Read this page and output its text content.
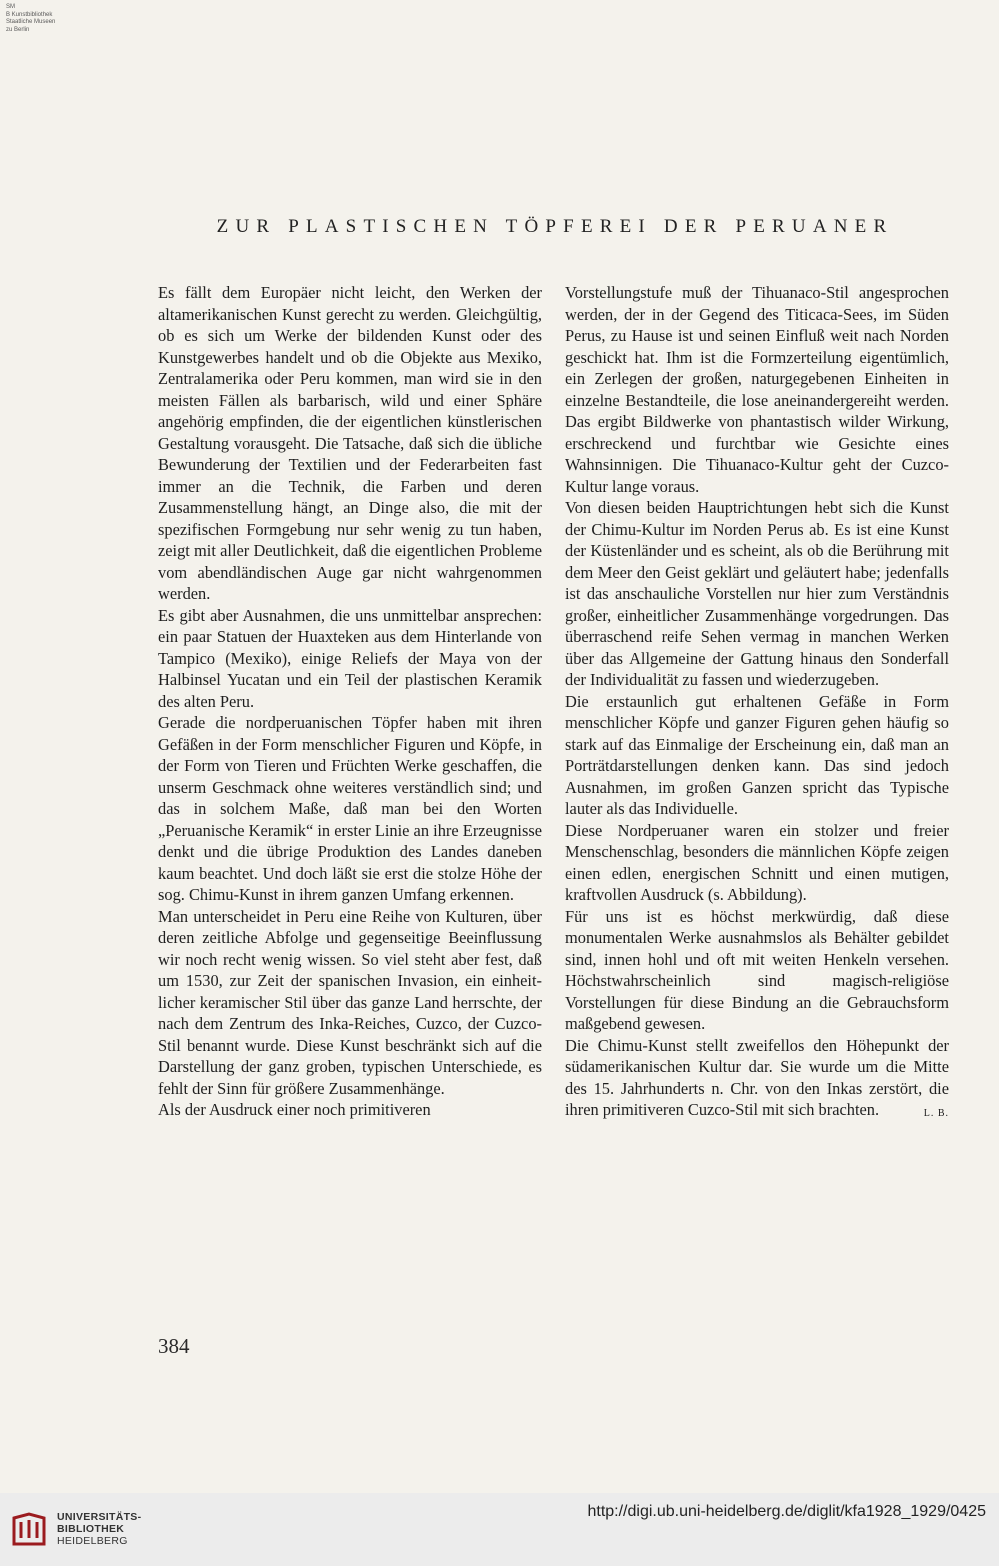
SM
B Kunstbibliothek
Staatliche Museen
zu Berlin
ZUR PLASTISCHEN TÖPFEREI DER PERUANER

Es fällt dem Europäer nicht leicht, den Werken der altamerikanischen Kunst gerecht zu werden. Gleichgültig, ob es sich um Werke der bildenden Kunst oder des Kunstgewerbes handelt und ob die Objekte aus Mexiko, Zentralamerika oder Peru kommen, man wird sie in den meisten Fällen als barbarisch, wild und einer Sphäre angehörig empfinden, die der eigentlichen künstlerischen Gestaltung vorausgeht. Die Tatsache, daß sich die übliche Bewunderung der Textilien und der Federarbeiten fast immer an die Technik, die Farben und deren Zusammenstellung hängt, an Dinge also, die mit der spezifischen Formgebung nur sehr wenig zu tun haben, zeigt mit aller Deutlichkeit, daß die eigentlichen Probleme vom abendländischen Auge gar nicht wahrgenommen werden.

Es gibt aber Ausnahmen, die uns unmittelbar ansprechen: ein paar Statuen der Huaxteken aus dem Hinterlande von Tampico (Mexiko), einige Reliefs der Maya von der Halbinsel Yucatan und ein Teil der plastischen Keramik des alten Peru.

Gerade die nordperuanischen Töpfer haben mit ihren Gefäßen in der Form menschlicher Figuren und Köpfe, in der Form von Tieren und Früchten Werke geschaffen, die unserm Geschmack ohne weiteres verständlich sind; und das in solchem Maße, daß man bei den Worten „Peruanische Keramik“ in erster Linie an ihre Erzeugnisse denkt und die übrige Produktion des Landes daneben kaum beachtet. Und doch läßt sie erst die stolze Höhe der sog. Chimu-Kunst in ihrem ganzen Umfang erkennen.

Man unterscheidet in Peru eine Reihe von Kulturen, über deren zeitliche Abfolge und gegenseitige Beeinflussung wir noch recht wenig wissen. So viel steht aber fest, daß um 1530, zur Zeit der spanischen Invasion, ein einheitlicher keramischer Stil über das ganze Land herrschte, der nach dem Zentrum des Inka-Reiches, Cuzco, der Cuzco-Stil benannt wurde. Diese Kunst beschränkt sich auf die Darstellung der ganz groben, typischen Unterschiede, es fehlt der Sinn für größere Zusammenhänge.

Als der Ausdruck einer noch primitiveren

Vorstellungstufe muß der Tihuanaco-Stil angesprochen werden, der in der Gegend des Titicaca-Sees, im Süden Perus, zu Hause ist und seinen Einfluß weit nach Norden geschickt hat. Ihm ist die Formzerteilung eigentümlich, ein Zerlegen der großen, naturgegebenen Einheiten in einzelne Bestandteile, die lose aneinandergereiht werden. Das ergibt Bildwerke von phantastisch wilder Wirkung, erschreckend und furchtbar wie Gesichte eines Wahnsinnigen. Die Tihuanaco-Kultur geht der Cuzco-Kultur lange voraus.

Von diesen beiden Hauptrichtungen hebt sich die Kunst der Chimu-Kultur im Norden Perus ab. Es ist eine Kunst der Küstenländer und es scheint, als ob die Berührung mit dem Meer den Geist geklärt und geläutert habe; jedenfalls ist das anschauliche Vorstellen nur hier zum Verständnis großer, einheitlicher Zusammenhänge vorgedrungen. Das überraschend reife Sehen vermag in manchen Werken über das Allgemeine der Gattung hinaus den Sonderfall der Individualität zu fassen und wiederzugeben.

Die erstaunlich gut erhaltenen Gefäße in Form menschlicher Köpfe und ganzer Figuren gehen häufig so stark auf das Einmalige der Erscheinung ein, daß man an Porträtdarstellungen denken kann. Das sind jedoch Ausnahmen, im großen Ganzen spricht das Typische lauter als das Individuelle.

Diese Nordperuaner waren ein stolzer und freier Menschenschlag, besonders die männlichen Köpfe zeigen einen edlen, energischen Schnitt und einen mutigen, kraftvollen Ausdruck (s. Abbildung).

Für uns ist es höchst merkwürdig, daß diese monumentalen Werke ausnahmslos als Behälter gebildet sind, innen hohl und oft mit weiten Henkeln versehen. Höchstwahrscheinlich sind magisch-religiöse Vorstellungen für diese Bindung an die Gebrauchsform maßgebend gewesen.

Die Chimu-Kunst stellt zweifellos den Höhepunkt der südamerikanischen Kultur dar. Sie wurde um die Mitte des 15. Jahrhunderts n. Chr. von den Inkas zerstört, die ihren primitiveren Cuzco-Stil mit sich brachten.	L. B.

384
UNIVERSITÄTS-
BIBLIOTHEK
HEIDELBERG
http://digi.ub.uni-heidelberg.de/diglit/kfa1928_1929/0425
